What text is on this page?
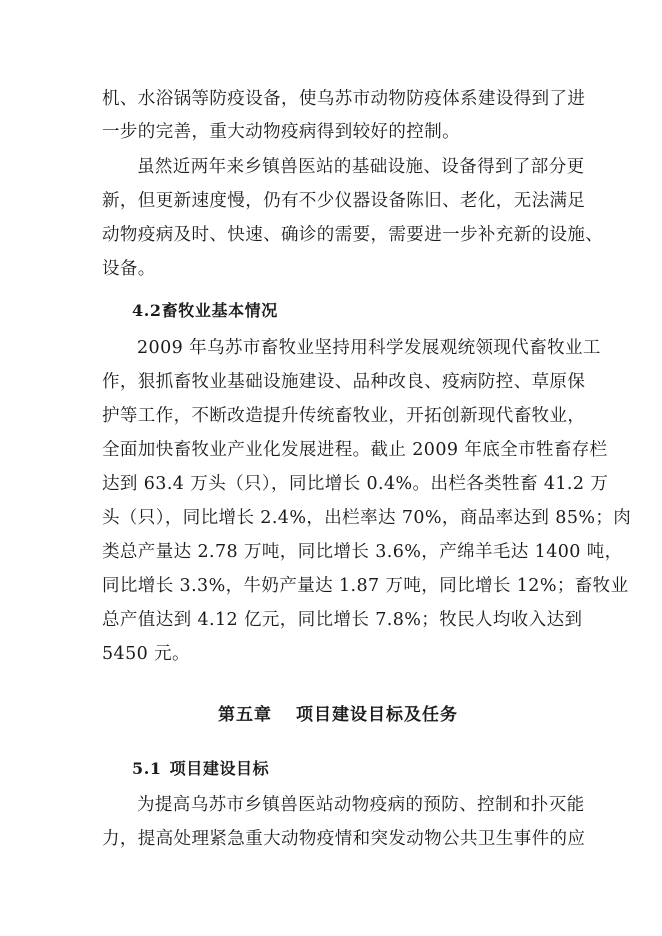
机、水浴锅等防疫设备，使乌苏市动物防疫体系建设得到了进
一步的完善，重大动物疫病得到较好的控制。
虽然近两年来乡镇兽医站的基础设施、设备得到了部分更
新，但更新速度慢，仍有不少仪器设备陈旧、老化，无法满足
动物疫病及时、快速、确诊的需要，需要进一步补充新的设施、
设备。
4.2畜牧业基本情况
2009 年乌苏市畜牧业坚持用科学发展观统领现代畜牧业工
作，狠抓畜牧业基础设施建设、品种改良、疫病防控、草原保
护等工作，不断改造提升传统畜牧业，开拓创新现代畜牧业，
全面加快畜牧业产业化发展进程。截止 2009 年底全市牲畜存栏
达到 63.4 万头（只），同比增长 0.4%。出栏各类牲畜 41.2 万
头（只），同比增长 2.4%，出栏率达 70%，商品率达到 85%；肉
类总产量达 2.78 万吨，同比增长 3.6%，产绵羊毛达 1400 吨，
同比增长 3.3%，牛奶产量达 1.87 万吨，同比增长 12%；畜牧业
总产值达到 4.12 亿元，同比增长 7.8%；牧民人均收入达到
5450 元。
第五章 项目建设目标及任务
5.1 项目建设目标
为提高乌苏市乡镇兽医站动物疫病的预防、控制和扑灭能
力，提高处理紧急重大动物疫情和突发动物公共卫生事件的应
